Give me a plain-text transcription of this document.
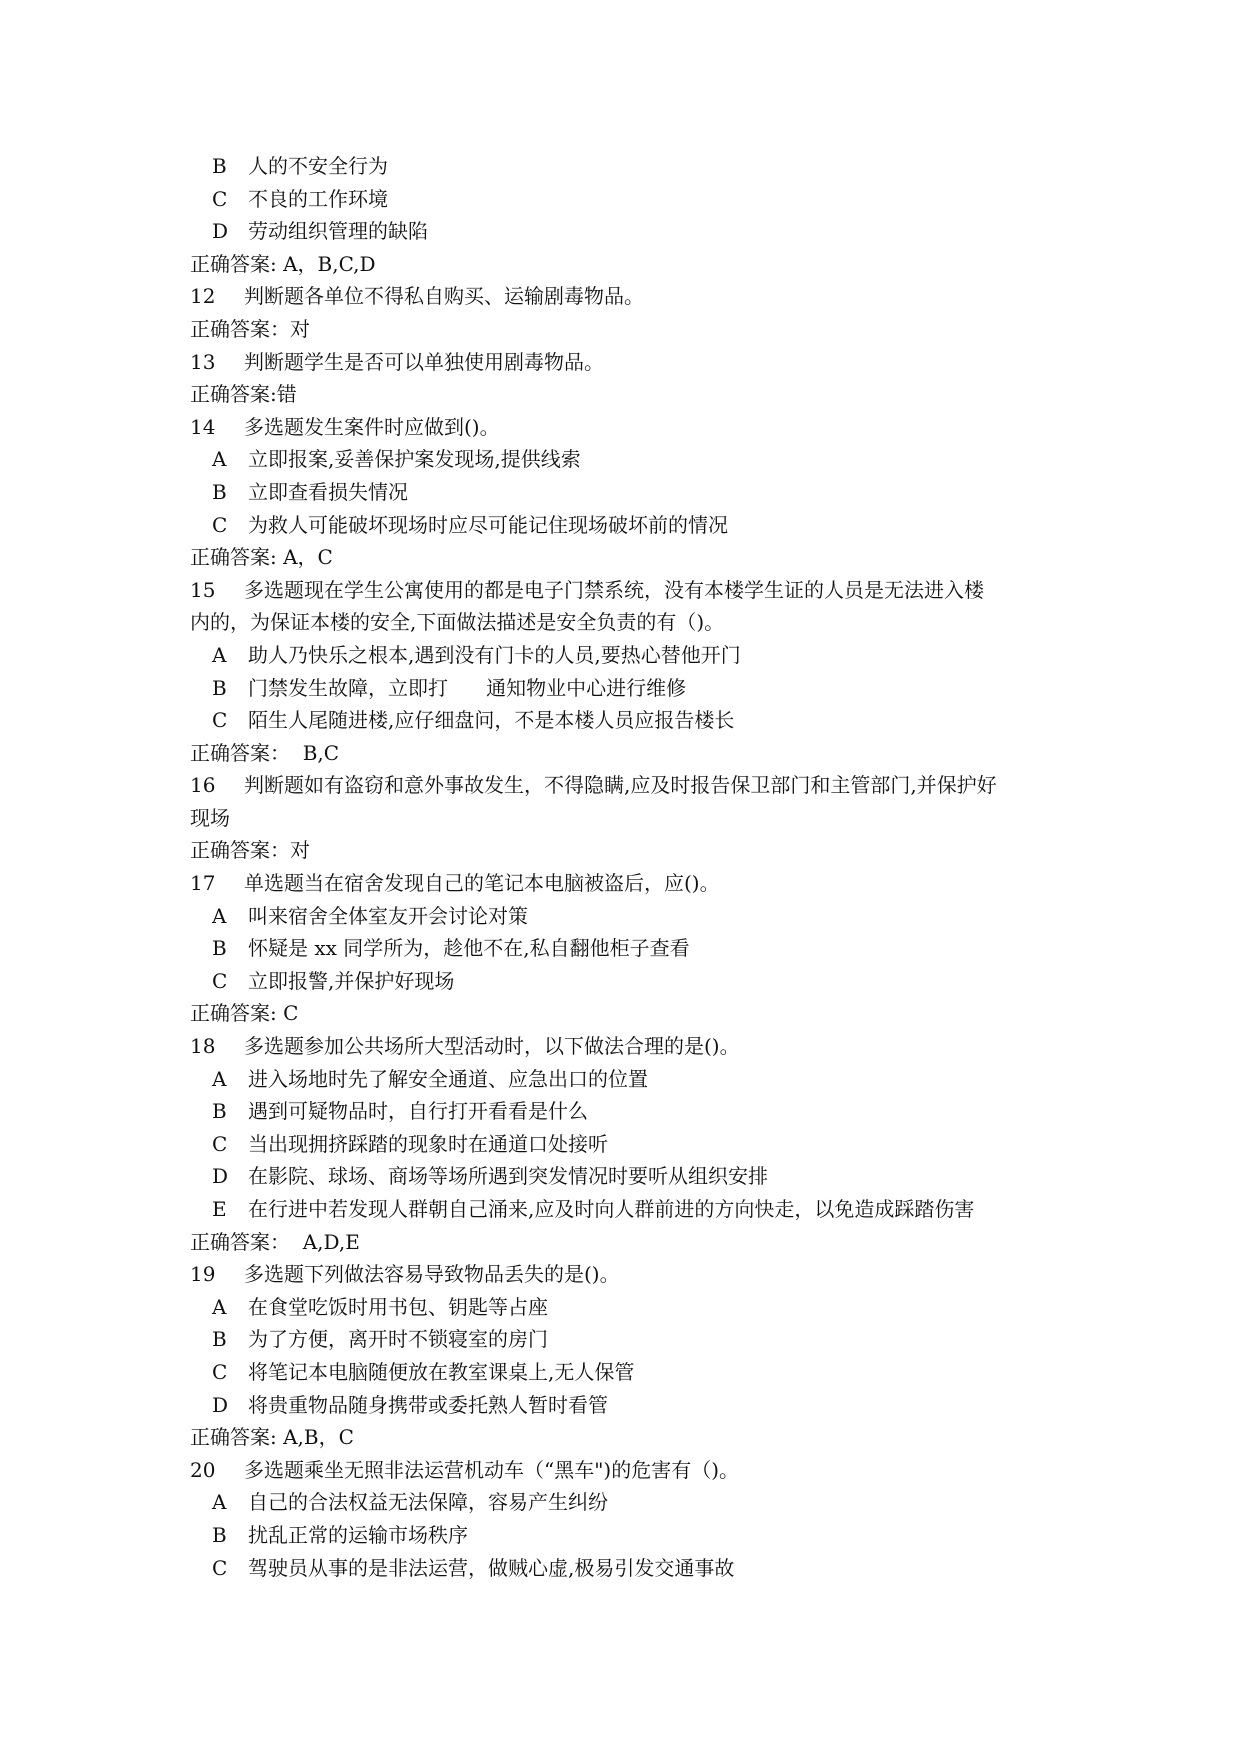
B 人的不安全行为
C 不良的工作环境
D 劳动组织管理的缺陷
正确答案: A，B,C,D
12 判断题各单位不得私自购买、运输剧毒物品。
正确答案：对
13 判断题学生是否可以单独使用剧毒物品。
正确答案:错
14 多选题发生案件时应做到()。
A 立即报案,妥善保护案发现场,提供线索
B 立即查看损失情况
C 为救人可能破坏现场时应尽可能记住现场破坏前的情况
正确答案: A，C
15 多选题现在学生公寓使用的都是电子门禁系统，没有本楼学生证的人员是无法进入楼
内的，为保证本楼的安全,下面做法描述是安全负责的有（)。
A 助人乃快乐之根本,遇到没有门卡的人员,要热心替他开门
B 门禁发生故障，立即打      通知物业中心进行维修
C 陌生人尾随进楼,应仔细盘问，不是本楼人员应报告楼长
正确答案：  B,C
16 判断题如有盗窃和意外事故发生，不得隐瞒,应及时报告保卫部门和主管部门,并保护好
现场
正确答案：对
17 单选题当在宿舍发现自己的笔记本电脑被盗后，应()。
A 叫来宿舍全体室友开会讨论对策
B 怀疑是 xx 同学所为，趁他不在,私自翻他柜子查看
C 立即报警,并保护好现场
正确答案: C
18 多选题参加公共场所大型活动时，以下做法合理的是()。
A 进入场地时先了解安全通道、应急出口的位置
B 遇到可疑物品时，自行打开看看是什么
C 当出现拥挤踩踏的现象时在通道口处接听
D 在影院、球场、商场等场所遇到突发情况时要听从组织安排
E 在行进中若发现人群朝自己涌来,应及时向人群前进的方向快走，以免造成踩踏伤害
正确答案：  A,D,E
19 多选题下列做法容易导致物品丢失的是()。
A 在食堂吃饭时用书包、钥匙等占座
B 为了方便，离开时不锁寝室的房门
C 将笔记本电脑随便放在教室课桌上,无人保管
D 将贵重物品随身携带或委托熟人暂时看管
正确答案: A,B，C
20 多选题乘坐无照非法运营机动车（“黑车")的危害有（)。
A 自己的合法权益无法保障，容易产生纠纷
B 扰乱正常的运输市场秩序
C 驾驶员从事的是非法运营，做贼心虚,极易引发交通事故
